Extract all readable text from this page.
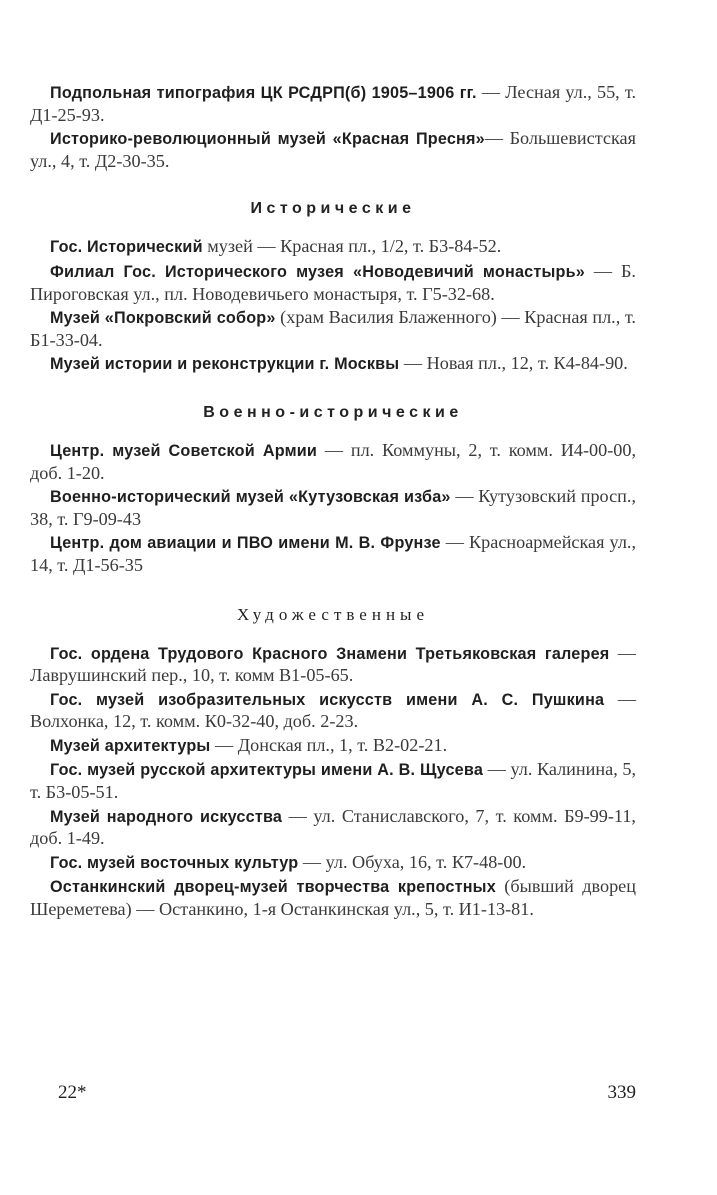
Подпольная типография ЦК РСДРП(б) 1905–1906 гг. — Лесная ул., 55, т. Д1-25-93.

Историко-революционный музей «Красная Пресня»— Большевистская ул., 4, т. Д2-30-35.

Исторические

Гос. Исторический музей — Красная пл., 1/2, т. Б3-84-52.

Филиал Гос. Исторического музея «Новодевичий монастырь» — Б. Пироговская ул., пл. Новодевичьего монастыря, т. Г5-32-68.

Музей «Покровский собор» (храм Василия Блаженного) — Красная пл., т. Б1-33-04.

Музей истории и реконструкции г. Москвы — Новая пл., 12, т. К4-84-90.

Военно-исторические

Центр. музей Советской Армии — пл. Коммуны, 2, т. комм. И4-00-00, доб. 1-20.

Военно-исторический музей «Кутузовская изба» — Кутузовский просп., 38, т. Г9-09-43

Центр. дом авиации и ПВО имени М. В. Фрунзе — Красноармейская ул., 14, т. Д1-56-35

Художественные

Гос. ордена Трудового Красного Знамени Третьяковская галерея — Лаврушинский пер., 10, т. комм В1-05-65.

Гос. музей изобразительных искусств имени А. С. Пушкина — Волхонка, 12, т. комм. К0-32-40, доб. 2-23.

Музей архитектуры — Донская пл., 1, т. В2-02-21.

Гос. музей русской архитектуры имени А. В. Щусева — ул. Калинина, 5, т. Б3-05-51.

Музей народного искусства — ул. Станиславского, 7, т. комм. Б9-99-11, доб. 1-49.

Гос. музей восточных культур — ул. Обуха, 16, т. К7-48-00.

Останкинский дворец-музей творчества крепостных (бывший дворец Шереметева) — Останкино, 1-я Останкинская ул., 5, т. И1-13-81.

22*	339
